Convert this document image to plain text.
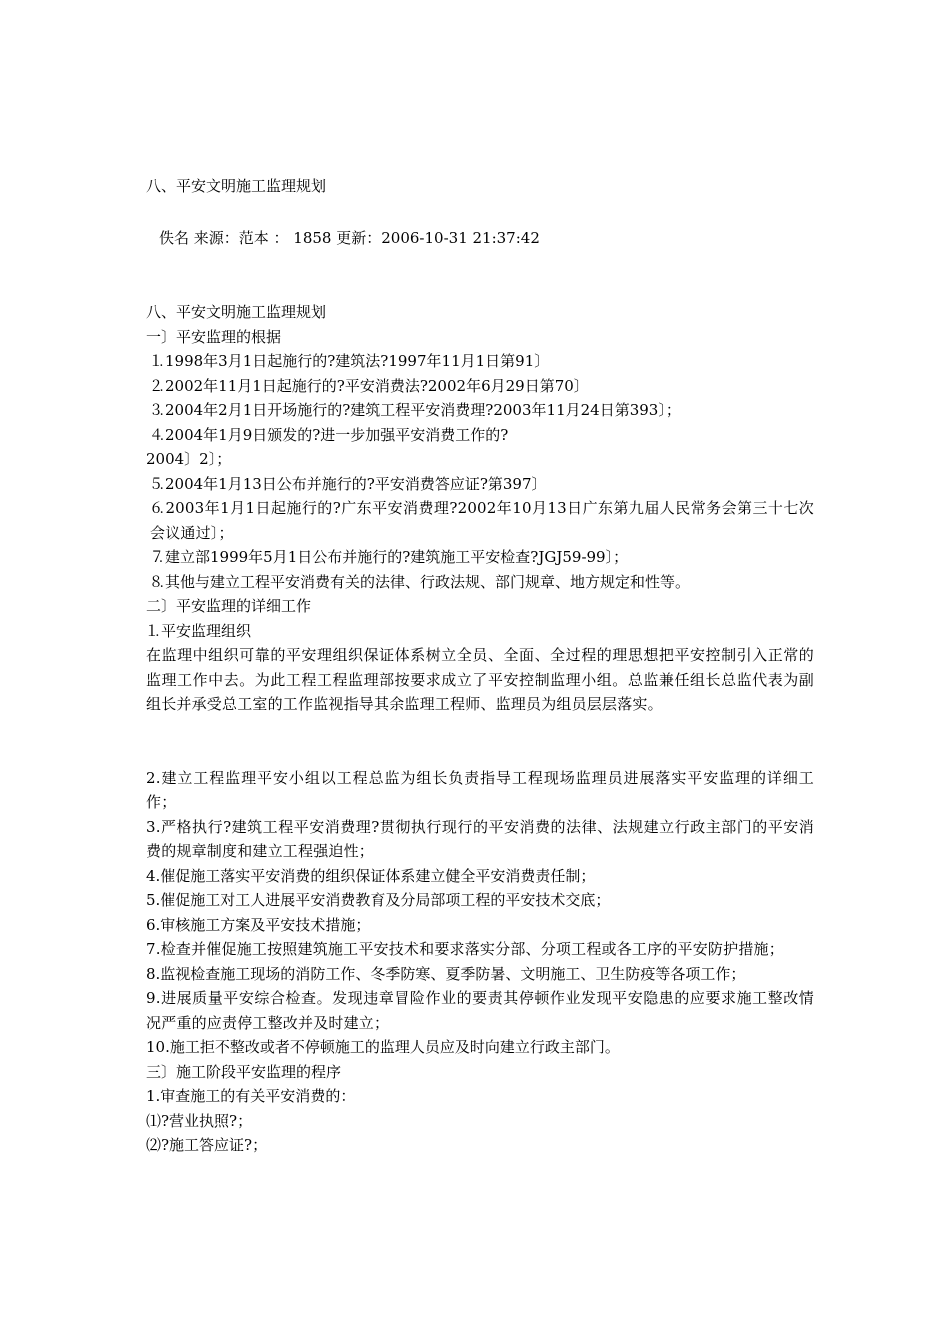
八、平安文明施工监理规划
佚名 来源：范本 ： 1858 更新：2006-10-31 21:37:42
八、平安文明施工监理规划
一〕平安监理的根据
⒈1998年3月1日起施行的?建筑法?1997年11月1日第91〕
⒉2002年11月1日起施行的?平安消费法?2002年6月29日第70〕
⒊2004年2月1日开场施行的?建筑工程平安消费理?2003年11月24日第393〕；
⒋2004年1月9日颁发的?进一步加强平安消费工作的?
2004〕2〕；
⒌2004年1月13日公布并施行的?平安消费答应证?第397〕
⒍2003年1月1日起施行的?广东平安消费理?2002年10月13日广东第九届人民常务会第三十七次会议通过〕；
⒎建立部1999年5月1日公布并施行的?建筑施工平安检查?JGJ59-99〕；
⒏其他与建立工程平安消费有关的法律、行政法规、部门规章、地方规定和性等。
二〕平安监理的详细工作
⒈平安监理组织
在监理中组织可靠的平安理组织保证体系树立全员、全面、全过程的理思想把平安控制引入正常的监理工作中去。为此工程工程监理部按要求成立了平安控制监理小组。总监兼任组长总监代表为副组长并承受总工室的工作监视指导其余监理工程师、监理员为组员层层落实。
2.建立工程监理平安小组以工程总监为组长负责指导工程现场监理员进展落实平安监理的详细工作；
3.严格执行?建筑工程平安消费理?贯彻执行现行的平安消费的法律、法规建立行政主部门的平安消费的规章制度和建立工程强迫性；
4.催促施工落实平安消费的组织保证体系建立健全平安消费责任制；
5.催促施工对工人进展平安消费教育及分局部项工程的平安技术交底；
6.审核施工方案及平安技术措施；
7.检查并催促施工按照建筑施工平安技术和要求落实分部、分项工程或各工序的平安防护措施；
8.监视检查施工现场的消防工作、冬季防寒、夏季防暑、文明施工、卫生防疫等各项工作；
9.进展质量平安综合检查。发现违章冒险作业的要责其停顿作业发现平安隐患的应要求施工整改情况严重的应责停工整改并及时建立；
10.施工拒不整改或者不停顿施工的监理人员应及时向建立行政主部门。
三〕施工阶段平安监理的程序
1.审查施工的有关平安消费的：
⑴?营业执照?；
⑵?施工答应证?；
